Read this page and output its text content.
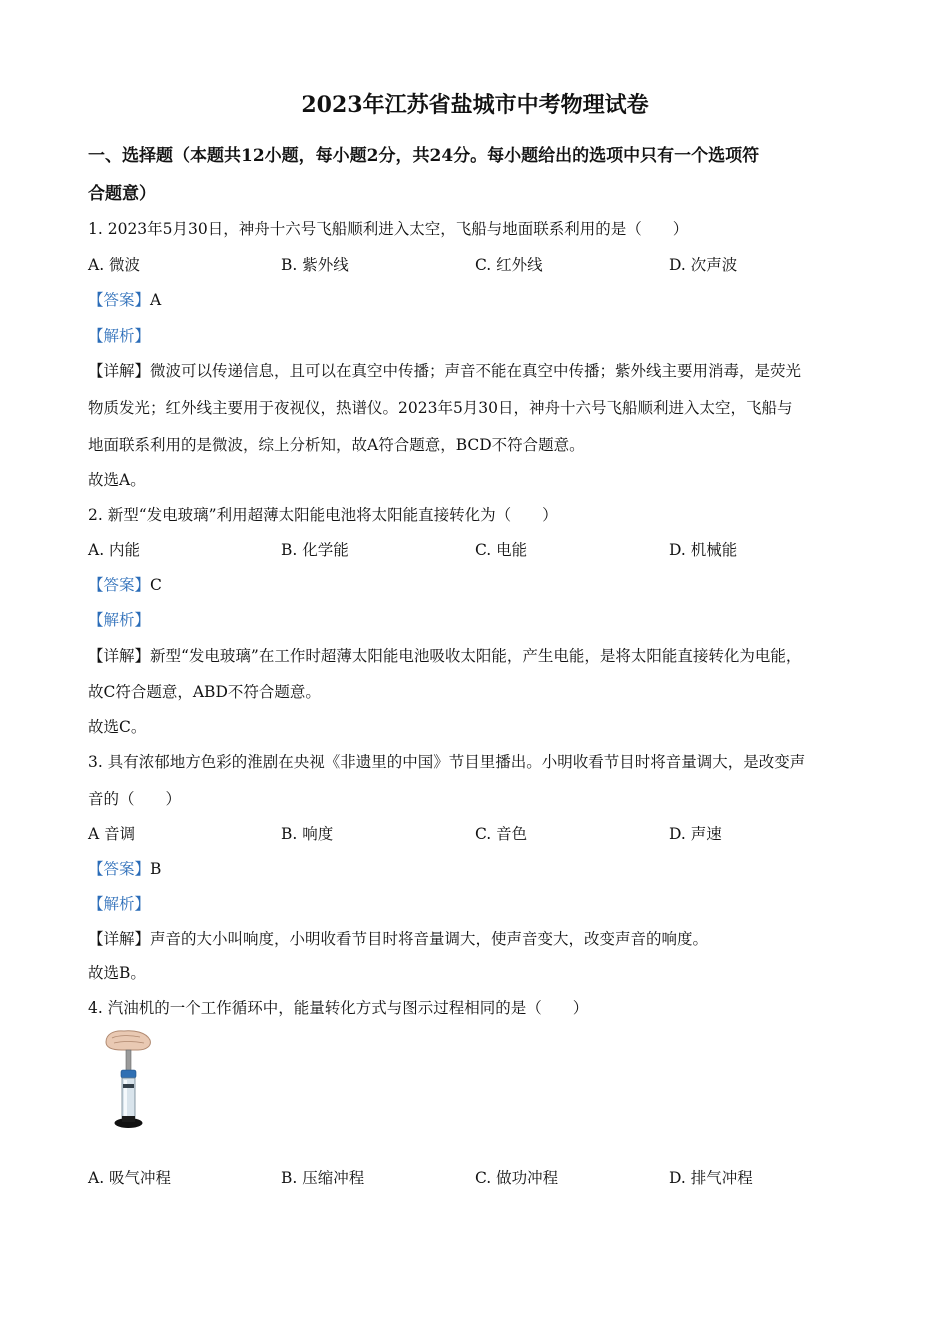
2023年江苏省盐城市中考物理试卷
一、选择题（本题共12小题，每小题2分，共24分。每小题给出的选项中只有一个选项符
合题意）
1. 2023年5月30日，神舟十六号飞船顺利进入太空，飞船与地面联系利用的是（　　）
A. 微波	B. 紫外线	C. 红外线	D. 次声波
【答案】A
【解析】
【详解】微波可以传递信息，且可以在真空中传播；声音不能在真空中传播；紫外线主要用消毒，是荧光
物质发光；红外线主要用于夜视仪，热谱仪。2023年5月30日，神舟十六号飞船顺利进入太空，飞船与
地面联系利用的是微波，综上分析知，故A符合题意，BCD不符合题意。
故选A。
2. 新型“发电玻璃”利用超薄太阳能电池将太阳能直接转化为（　　）
A. 内能	B. 化学能	C. 电能	D. 机械能
【答案】C
【解析】
【详解】新型“发电玻璃”在工作时超薄太阳能电池吸收太阳能，产生电能，是将太阳能直接转化为电能，
故C符合题意，ABD不符合题意。
故选C。
3. 具有浓郁地方色彩的淮剧在央视《非遗里的中国》节目里播出。小明收看节目时将音量调大，是改变声
音的（　　）
A 音调	B. 响度	C. 音色	D. 声速
【答案】B
【解析】
【详解】声音的大小叫响度，小明收看节目时将音量调大，使声音变大，改变声音的响度。
故选B。
4. 汽油机的一个工作循环中，能量转化方式与图示过程相同的是（　　）
A. 吸气冲程	B. 压缩冲程	C. 做功冲程	D. 排气冲程
